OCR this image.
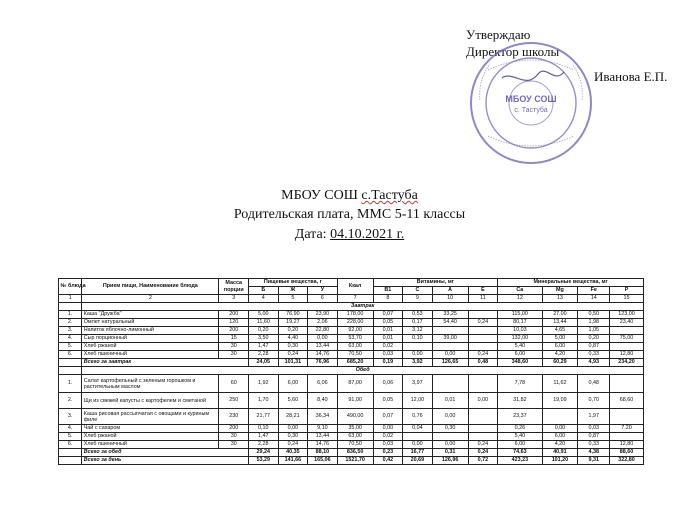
Утверждаю
Директор школы
Иванова Е.П.
МБОУ СОШ
с. Тастуба
МБОУ СОШ с.Тастуба
Родительская плата, ММС 5-11 классы
Дата: 04.10.2021 г.
№ блюда	Прием пищи, Наименование блюда	Масса порции	Пищевые вещества, г			Ккал	Витамины, мг				Минеральные вещества, мг			
			Б	Ж	У		B1	C	A	E	Ca	Mg	Fe	P
1	2	3	4	5	6	7	8	9	10	11	12	13	14	15
	Завтрак													
1.	Каша "Дружба"	200	5,00	76,90	23,90	178,00	0,07	0,53	33,25		115,00	27,00	0,50	123,00
2.	Омлет натуральный	120	11,60	19,27	2,06	228,00	0,05	0,17	54,40	0,24	80,17	13,44	1,98	23,40
3.	Напиток яблочно-лимонный	200	0,20	0,20	22,80	92,00	0,01	3,12			10,03	4,65	1,05	
4.	Сыр порционный	15	3,50	4,40	0,00	53,70	0,01	0,10	39,00		132,00	5,00	0,20	75,00
5.	Хлеб ржаной	30	1,47	0,30	13,44	63,00	0,02				5,40	6,00	0,87	
6.	Хлеб пшеничный	30	2,28	0,24	14,76	70,50	0,03	0,00	0,00	0,24	6,00	4,20	0,33	12,80
	Всего за завтрак		24,05	101,31	76,96	685,20	0,19	3,92	126,65	0,48	348,60	60,29	4,93	234,20
	Обед													
1.	Салат картофельный с зеленым горошком и растительным маслом	60	1,92	6,00	6,06	87,00	0,06	3,97			7,78	11,62	0,48	
2.	Щи из свежей капусты с картофелем и сметаной	250	1,70	5,60	8,40	91,00	0,05	12,00	0,01	0,00	31,82	19,09	0,70	68,60
3.	Каша рисовая рассыпчатая с овощами и куриным филе	230	21,77	28,21	36,34	490,00	0,07	0,76	0,00		23,37		1,97	
4.	Чай с сахаром	200	0,10	0,00	9,10	35,00	0,00	0,04	0,30		0,26	0,00	0,03	7,20
5.	Хлеб ржаной	30	1,47	0,30	13,44	63,00	0,02				5,40	6,00	0,87	
6.	Хлеб пшеничный	30	2,28	0,24	14,76	70,50	0,03	0,00	0,00	0,24	6,00	4,20	0,33	12,80
	Всего за обед		29,24	40,35	88,10	836,50	0,23	16,77	0,31	0,24	74,63	40,91	4,38	88,60
	Всего за день		53,29	141,66	165,06	1521,70	0,42	20,69	126,96	0,72	423,23	101,20	9,31	322,80
